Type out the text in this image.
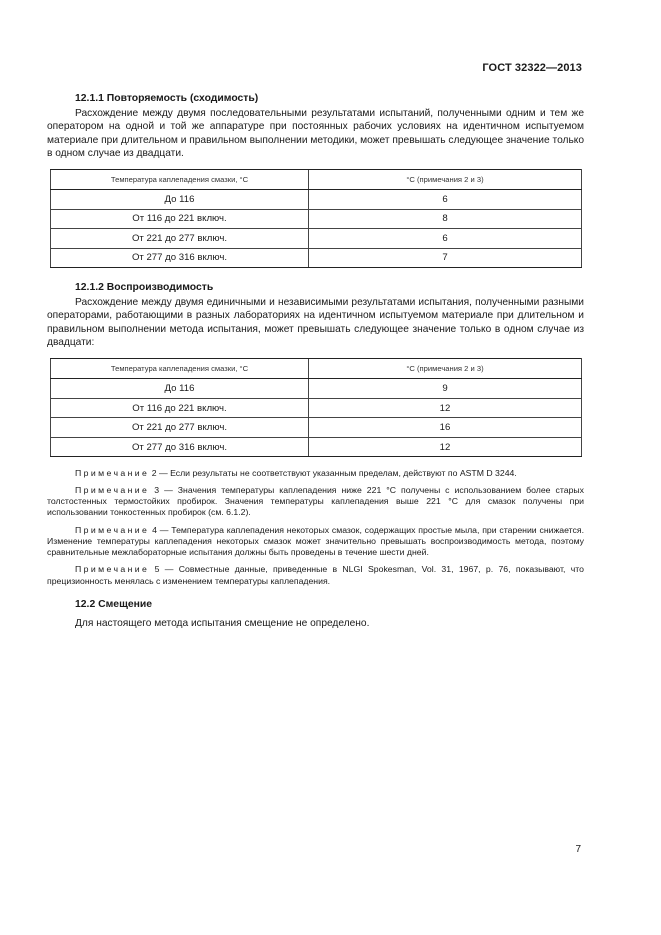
ГОСТ 32322—2013
12.1.1 Повторяемость (сходимость)

Расхождение между двумя последовательными результатами испытаний, полученными одним и тем же оператором на одной и той же аппаратуре при постоянных рабочих условиях на идентичном испытуемом материале при длительном и правильном выполнении методики, может превышать следующее значение только в одном случае из двадцати.

Температура каплепадения смазки, °С	°С (примечания 2 и 3)
До 116	6
От 116 до 221 включ.	8
От 221 до 277 включ.	6
От 277 до 316 включ.	7
12.1.2 Воспроизводимость

Расхождение между двумя единичными и независимыми результатами испытания, полученными разными операторами, работающими в разных лабораториях на идентичном испытуемом материале при длительном и правильном выполнении метода испытания, может превышать следующее значение только в одном случае из двадцати:

Температура каплепадения смазки, °С	°С (примечания 2 и 3)
До 116	9
От 116 до 221 включ.	12
От 221 до 277 включ.	16
От 277 до 316 включ.	12

Примечание 2 — Если результаты не соответствуют указанным пределам, действуют по ASTM D 3244.

Примечание 3 — Значения температуры каплепадения ниже 221 °С получены с использованием более старых толстостенных термостойких пробирок. Значения температуры каплепадения выше 221 °С для смазок получены при использовании тонкостенных пробирок (см. 6.1.2).

Примечание 4 — Температура каплепадения некоторых смазок, содержащих простые мыла, при старении снижается. Изменение температуры каплепадения некоторых смазок может значительно превышать воспроизводимость метода, поэтому сравнительные межлабораторные испытания должны быть проведены в течение шести дней.

Примечание 5 — Совместные данные, приведенные в NLGI Spokesman, Vol. 31, 1967, p. 76, показывают, что прецизионность менялась с изменением температуры каплепадения.

12.2 Смещение

Для настоящего метода испытания смещение не определено.

7
